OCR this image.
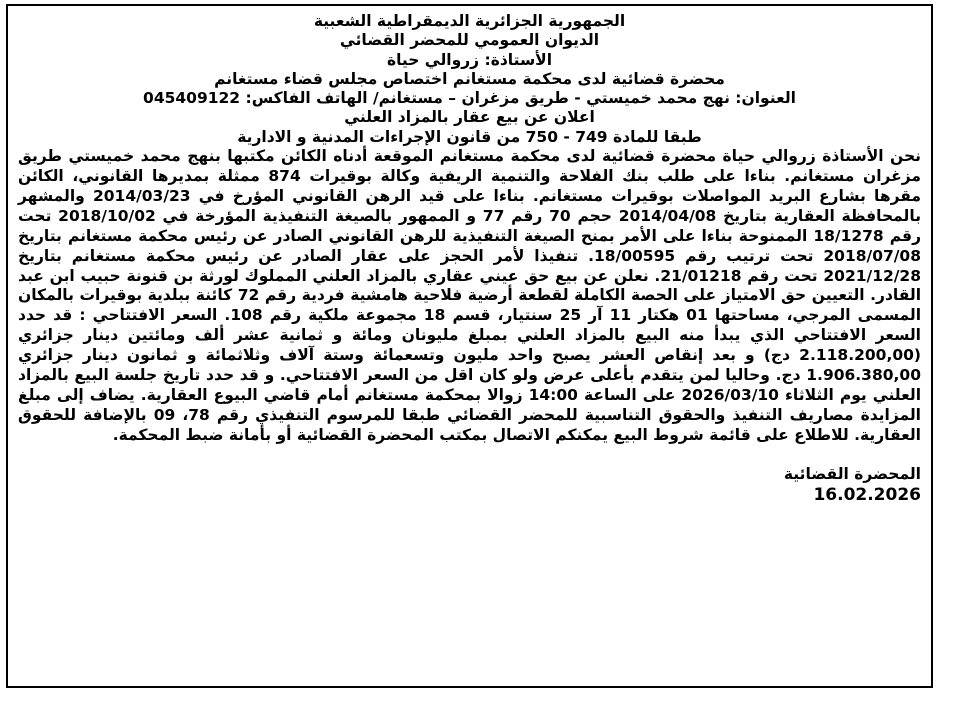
الجمهورية الجزائرية الديمقراطية الشعبية
الديوان العمومي للمحضر القضائي
الأستاذة: زروالي حياة
محضرة قضائية لدى محكمة مستغانم اختصاص مجلس قضاء مستغانم
العنوان: نهج محمد خميستي - طريق مزغران – مستغانم/ الهاتف الفاكس: 045409122
اعلان عن بيع عقار بالمزاد العلني
طبقا للمادة 749 - 750 من قانون الإجراءات المدنية و الادارية

نحن الأستاذة زروالي حياة محضرة قضائية لدى محكمة مستغانم الموقعة أدناه الكائن مكتبها بنهج محمد خميستي طريق مزغران مستغانم. بناءا على طلب بنك الفلاحة والتنمية الريفية وكالة بوقيرات 874 ممثلة بمديرها القانوني، الكائن مقرها بشارع البريد المواصلات بوقيرات مستغانم. بناءا على قيد الرهن القانوني المؤرخ في 2014/03/23 والمشهر بالمحافظة العقارية بتاريخ 2014/04/08 حجم 70 رقم 77 و الممهور بالصيغة التنفيذية المؤرخة في 2018/10/02 تحت رقم 18/1278 الممنوحة بناءا على الأمر بمنح الصيغة التنفيذية للرهن القانوني الصادر عن رئيس محكمة مستغانم بتاريخ 2018/07/08 تحت ترتيب رقم 18/00595. تنفيذا لأمر الحجز على عقار الصادر عن رئيس محكمة مستغانم بتاريخ 2021/12/28 تحت رقم 21/01218. نعلن عن بيع حق عيني عقاري بالمزاد العلني المملوك لورثة بن قنونة حبيب ابن عبد القادر. التعيين حق الامتياز على الحصة الكاملة لقطعة أرضية فلاحية هامشية فردية رقم 72 كائنة ببلدية بوقيرات بالمكان المسمى المرجي، مساحتها 01 هكتار 11 آر 25 سنتيار، قسم 18 مجموعة ملكية رقم 108. السعر الافتتاحي : قد حدد السعر الافتتاحي الذي يبدأ منه البيع بالمزاد العلني بمبلغ مليونان ومائة و ثمانية عشر ألف ومائتين دينار جزائري (2.118.200,00 دج) و بعد إنقاص العشر يصبح واحد مليون وتسعمائة وستة آلاف وثلاثمائة و ثمانون دينار جزائري 1.906.380,00 دج. وحاليا لمن يتقدم بأعلى عرض ولو كان اقل من السعر الافتتاحي. و قد حدد تاريخ جلسة البيع بالمزاد العلني يوم الثلاثاء 2026/03/10 على الساعة 14:00 زوالا بمحكمة مستغانم أمام قاضي البيوع العقارية. يضاف إلى مبلغ المزايدة مصاريف التنفيذ والحقوق التناسبية للمحضر القضائي طبقا للمرسوم التنفيذي رقم 78، 09 بالإضافة للحقوق العقارية. للاطلاع على قائمة شروط البيع يمكنكم الاتصال بمكتب المحضرة القضائية أو بأمانة ضبط المحكمة.

المحضرة القضائية
16.02.2026
